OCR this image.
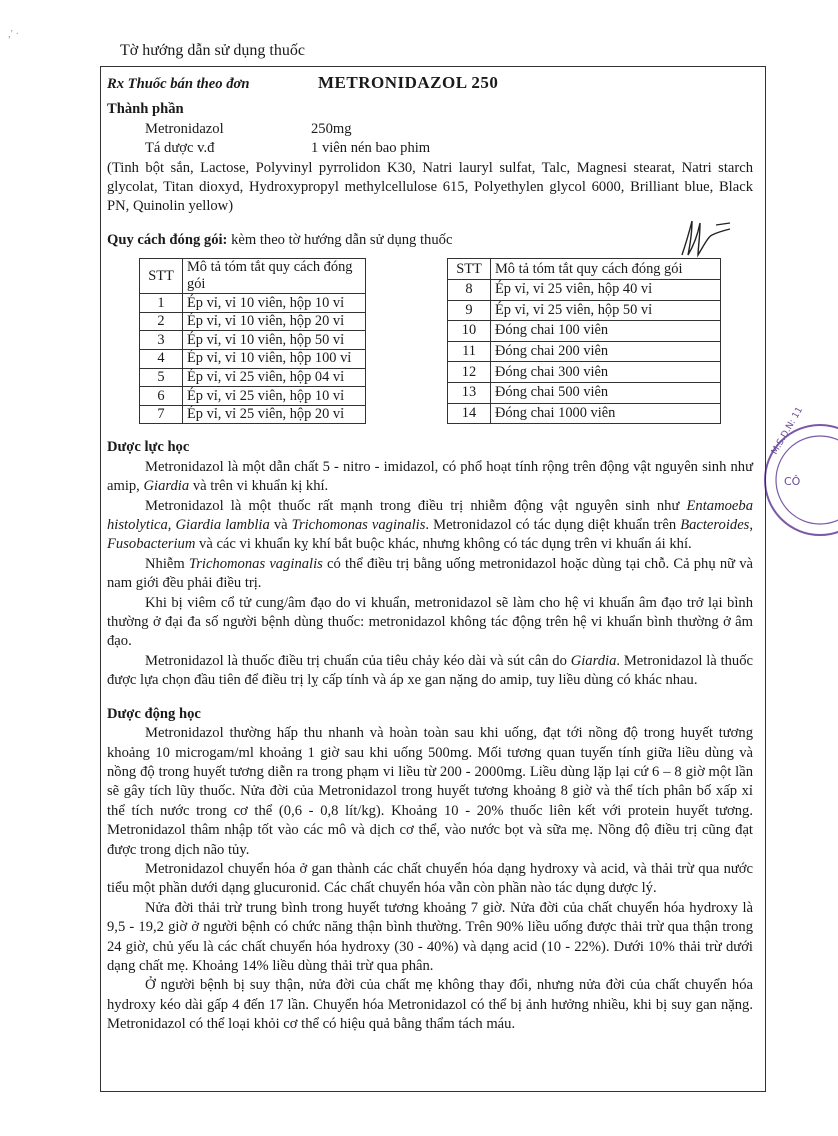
,' ·
Tờ hướng dẫn sử dụng thuốc
M.S.D.N: 11
CÔ
Rx Thuốc bán theo đơn	METRONIDAZOL 250
Thành phần
Metronidazol	250mg
Tá dược v.đ	1 viên nén bao phim

(Tinh bột sắn, Lactose, Polyvinyl pyrrolidon K30, Natri lauryl sulfat, Talc, Magnesi stearat, Natri starch glycolat, Titan dioxyd, Hydroxypropyl methylcellulose 615, Polyethylen glycol 6000, Brilliant blue, Black PN, Quinolin yellow)

Quy cách đóng gói: kèm theo tờ hướng dẫn sử dụng thuốc
STT	Mô tả tóm tắt quy cách đóng gói
1	Ép vỉ, vỉ 10 viên, hộp 10 vỉ
2	Ép vỉ, vỉ 10 viên, hộp 20 vỉ
3	Ép vỉ, vỉ 10 viên, hộp 50 vỉ
4	Ép vỉ, vỉ 10 viên, hộp 100 vỉ
5	Ép vỉ, vỉ 25 viên, hộp 04 vỉ
6	Ép vỉ, vỉ 25 viên, hộp 10 vỉ
7	Ép vỉ, vỉ 25 viên, hộp 20 vỉ
STT	Mô tả tóm tắt quy cách đóng gói
8	Ép vỉ, vỉ 25 viên, hộp 40 vỉ
9	Ép vỉ, vỉ 25 viên, hộp 50 vỉ
10	Đóng chai 100 viên
11	Đóng chai 200 viên
12	Đóng chai 300 viên
13	Đóng chai 500 viên
14	Đóng chai 1000 viên
Dược lực học

Metronidazol là một dẫn chất 5 - nitro - imidazol, có phổ hoạt tính rộng trên động vật nguyên sinh như amip, Giardia và trên vi khuẩn kị khí.

Metronidazol là một thuốc rất mạnh trong điều trị nhiễm động vật nguyên sinh như Entamoeba histolytica, Giardia lamblia và Trichomonas vaginalis. Metronidazol có tác dụng diệt khuẩn trên Bacteroides, Fusobacterium và các vi khuẩn kỵ khí bắt buộc khác, nhưng không có tác dụng trên vi khuẩn ái khí.

Nhiễm Trichomonas vaginalis có thể điều trị bằng uống metronidazol hoặc dùng tại chỗ. Cả phụ nữ và nam giới đều phải điều trị.

Khi bị viêm cổ tử cung/âm đạo do vi khuẩn, metronidazol sẽ làm cho hệ vi khuẩn âm đạo trở lại bình thường ở đại đa số người bệnh dùng thuốc: metronidazol không tác động trên hệ vi khuẩn bình thường ở âm đạo.

Metronidazol là thuốc điều trị chuẩn của tiêu chảy kéo dài và sút cân do Giardia. Metronidazol là thuốc được lựa chọn đầu tiên để điều trị lỵ cấp tính và áp xe gan nặng do amip, tuy liều dùng có khác nhau.

Dược động học

Metronidazol thường hấp thu nhanh và hoàn toàn sau khi uống, đạt tới nồng độ trong huyết tương khoảng 10 microgam/ml khoảng 1 giờ sau khi uống 500mg. Mối tương quan tuyến tính giữa liều dùng và nồng độ trong huyết tương diễn ra trong phạm vi liều từ 200 - 2000mg. Liều dùng lặp lại cứ 6 – 8 giờ một lần sẽ gây tích lũy thuốc. Nửa đời của Metronidazol trong huyết tương khoảng 8 giờ và thể tích phân bố xấp xỉ thể tích nước trong cơ thể (0,6 - 0,8 lít/kg). Khoảng 10 - 20% thuốc liên kết với protein huyết tương. Metronidazol thâm nhập tốt vào các mô và dịch cơ thể, vào nước bọt và sữa mẹ. Nồng độ điều trị cũng đạt được trong dịch não tủy.

Metronidazol chuyển hóa ở gan thành các chất chuyển hóa dạng hydroxy và acid, và thải trừ qua nước tiểu một phần dưới dạng glucuronid. Các chất chuyển hóa vẫn còn phần nào tác dụng dược lý.

Nửa đời thải trừ trung bình trong huyết tương khoảng 7 giờ. Nửa đời của chất chuyển hóa hydroxy là 9,5 - 19,2 giờ ở người bệnh có chức năng thận bình thường. Trên 90% liều uống được thải trừ qua thận trong 24 giờ, chủ yếu là các chất chuyển hóa hydroxy (30 - 40%) và dạng acid (10 - 22%). Dưới 10% thải trừ dưới dạng chất mẹ. Khoảng 14% liều dùng thải trừ qua phân.

Ở người bệnh bị suy thận, nửa đời của chất mẹ không thay đổi, nhưng nửa đời của chất chuyển hóa hydroxy kéo dài gấp 4 đến 17 lần. Chuyển hóa Metronidazol có thể bị ảnh hưởng nhiều, khi bị suy gan nặng. Metronidazol có thể loại khỏi cơ thể có hiệu quả bằng thẩm tách máu.
